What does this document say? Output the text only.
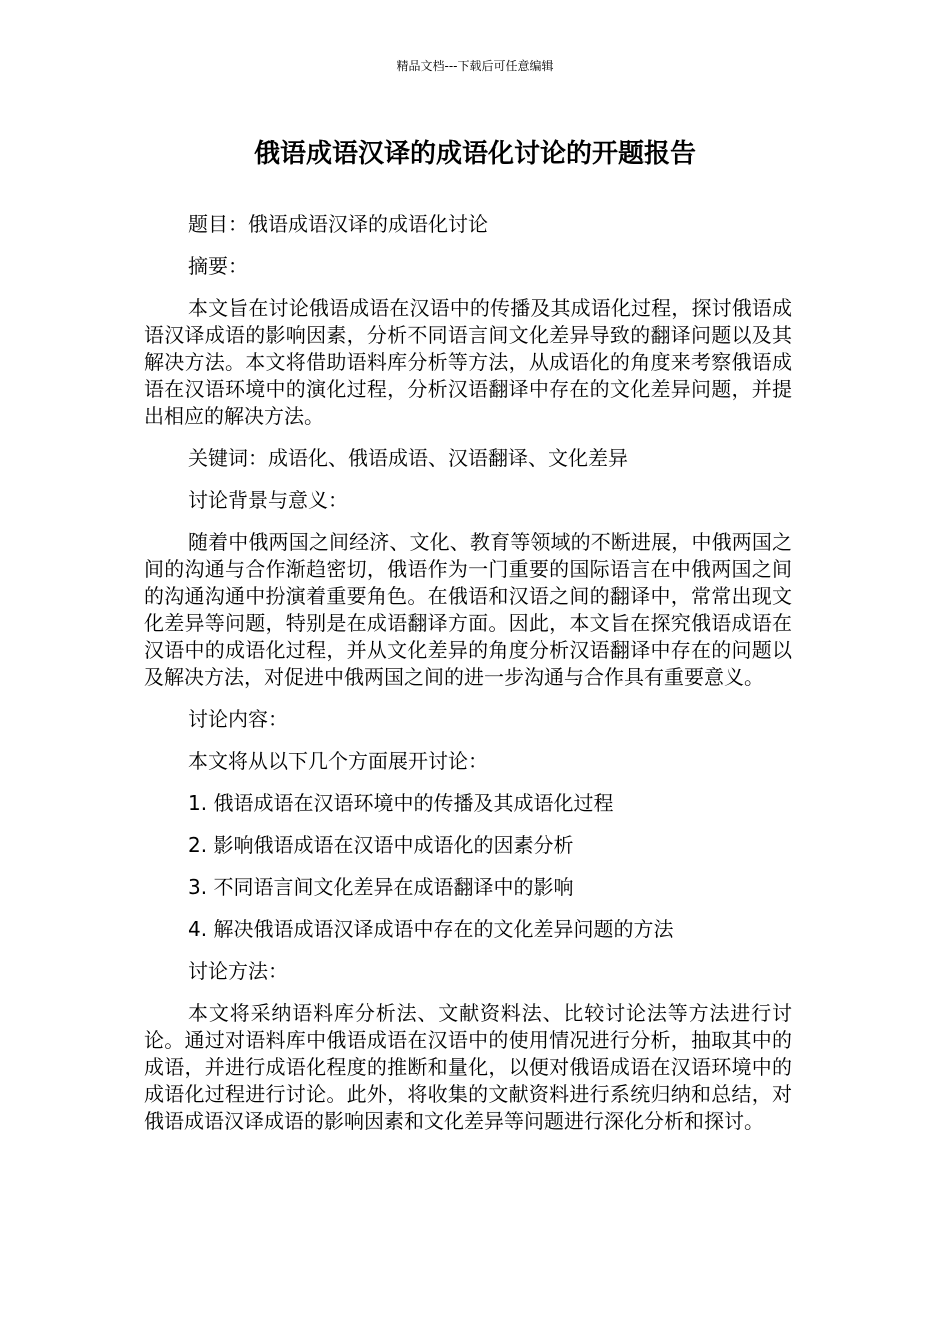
精品文档---下载后可任意编辑
俄语成语汉译的成语化讨论的开题报告

题目：俄语成语汉译的成语化讨论

摘要：

本文旨在讨论俄语成语在汉语中的传播及其成语化过程，探讨俄语成语汉译成语的影响因素，分析不同语言间文化差异导致的翻译问题以及其解决方法。本文将借助语料库分析等方法，从成语化的角度来考察俄语成语在汉语环境中的演化过程，分析汉语翻译中存在的文化差异问题，并提出相应的解决方法。

关键词：成语化、俄语成语、汉语翻译、文化差异

讨论背景与意义：

随着中俄两国之间经济、文化、教育等领域的不断进展，中俄两国之间的沟通与合作渐趋密切，俄语作为一门重要的国际语言在中俄两国之间的沟通沟通中扮演着重要角色。在俄语和汉语之间的翻译中，常常出现文化差异等问题，特别是在成语翻译方面。因此，本文旨在探究俄语成语在汉语中的成语化过程，并从文化差异的角度分析汉语翻译中存在的问题以及解决方法，对促进中俄两国之间的进一步沟通与合作具有重要意义。

讨论内容：

本文将从以下几个方面展开讨论：

1. 俄语成语在汉语环境中的传播及其成语化过程

2. 影响俄语成语在汉语中成语化的因素分析

3. 不同语言间文化差异在成语翻译中的影响

4. 解决俄语成语汉译成语中存在的文化差异问题的方法

讨论方法：

本文将采纳语料库分析法、文献资料法、比较讨论法等方法进行讨论。通过对语料库中俄语成语在汉语中的使用情况进行分析，抽取其中的成语，并进行成语化程度的推断和量化，以便对俄语成语在汉语环境中的成语化过程进行讨论。此外，将收集的文献资料进行系统归纳和总结，对俄语成语汉译成语的影响因素和文化差异等问题进行深化分析和探讨。
